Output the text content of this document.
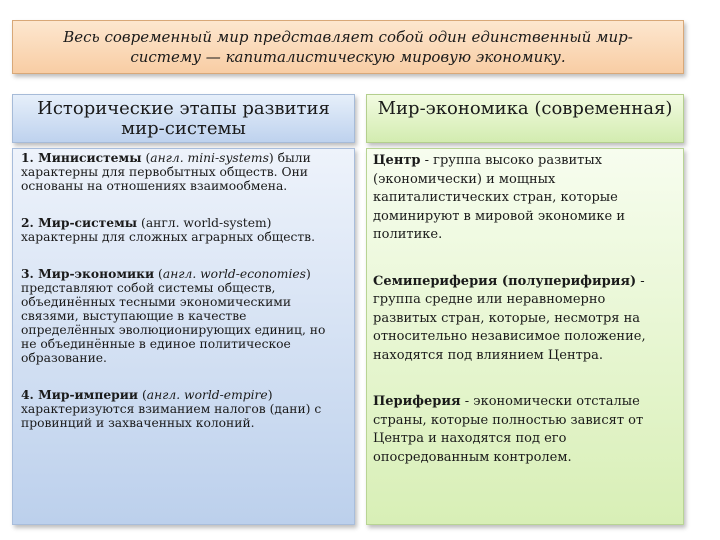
Весь современный мир представляет собой один единственный мир-систему — капиталистическую мировую экономику.
Исторические этапы развития мир-системы
Мир-экономика (современная)

1. Минисистемы (англ. mini-systems) были характерны для первобытных обществ. Они основаны на отношениях взаимообмена.

2. Мир-системы (англ. world-system) характерны для сложных аграрных обществ.

3. Мир-экономики (англ. world-economies) представляют собой системы обществ, объединённых тесными экономическими связями, выступающие в качестве определённых эволюционирующих единиц, но не объединённые в единое политическое образование.

4. Мир-империи (англ. world-empire) характеризуются взиманием налогов (дани) с провинций и захваченных колоний.

Центр - группа высоко развитых (экономически) и мощных капиталистических стран, которые доминируют в мировой экономике и политике.

Семипериферия (полуперифирия) - группа средне или неравномерно развитых стран, которые, несмотря на относительно независимое положение, находятся под влиянием Центра.

Периферия - экономически отсталые страны, которые полностью зависят от Центра и находятся под его опосредованным контролем.
